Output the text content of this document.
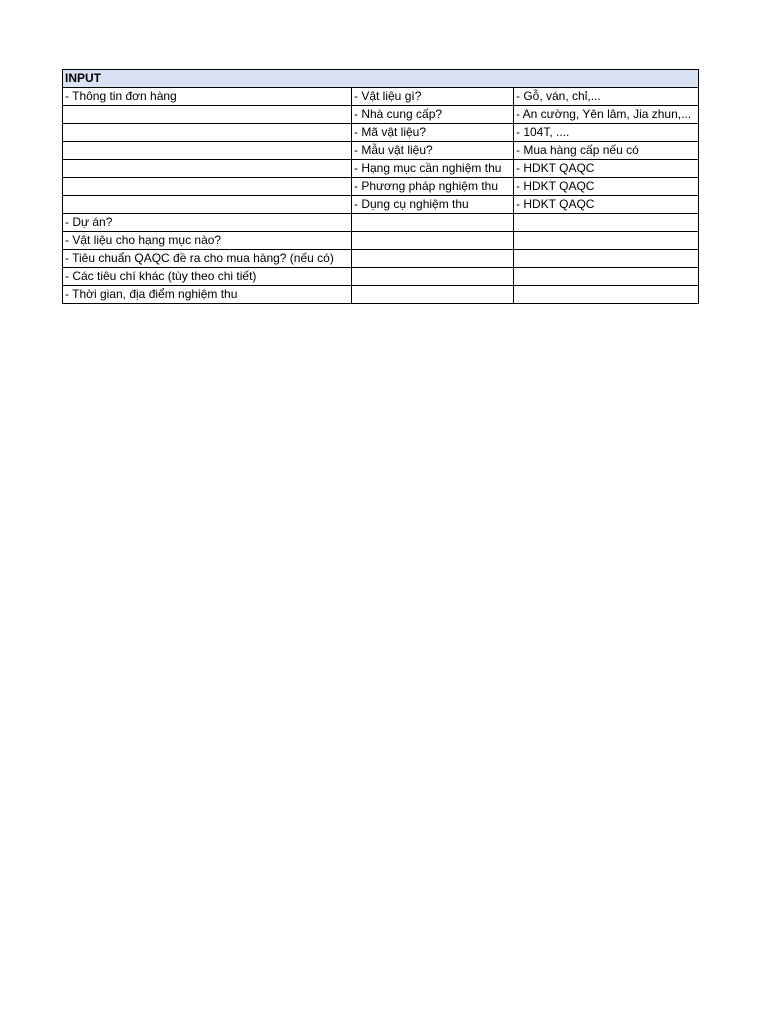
INPUT		
- Thông tin đơn hàng	- Vật liệu gì?	- Gỗ, ván, chỉ,...
	- Nhà cung cấp?	- An cường, Yên lâm, Jia zhun,...
	- Mã vật liệu?	- 104T, ....
	- Mẫu vật liệu?	- Mua hàng cấp nếu có
	- Hạng mục cần nghiệm thu	- HDKT QAQC
	- Phương pháp nghiệm thu	- HDKT QAQC
	- Dụng cụ nghiệm thu	- HDKT QAQC
- Dự án?		
- Vật liệu cho hạng mục nào?		
- Tiêu chuẩn QAQC đề ra cho mua hàng? (nếu có)		
- Các tiêu chí khác (tùy theo chi tiết)		
- Thời gian, địa điểm nghiệm thu		
